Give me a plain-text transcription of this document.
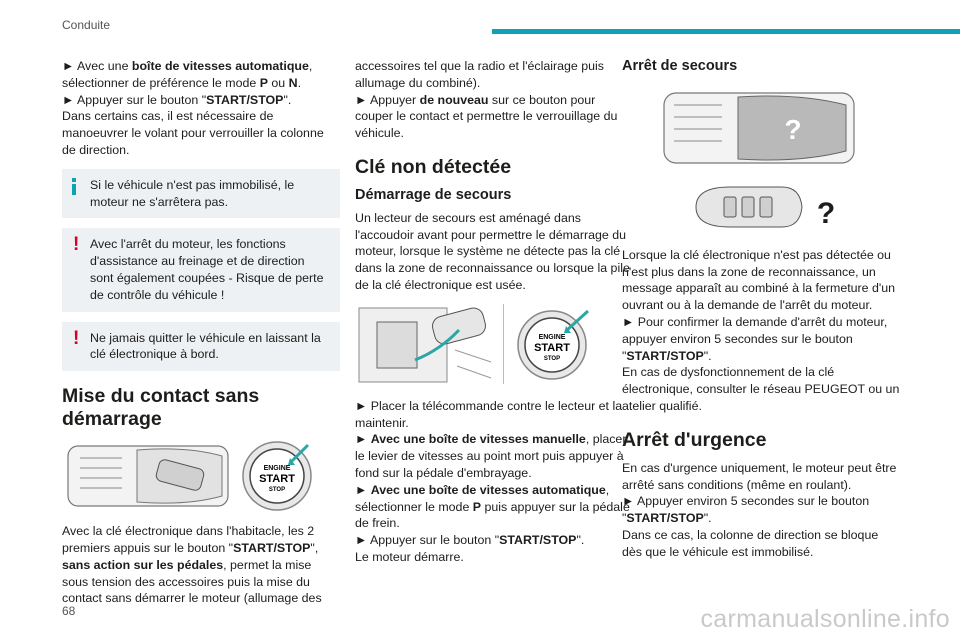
Conduite

► Avec une boîte de vitesses automatique, sélectionner de préférence le mode P ou N.

► Appuyer sur le bouton "START/STOP".

Dans certains cas, il est nécessaire de manoeuvrer le volant pour verrouiller la colonne de direction.

Si le véhicule n'est pas immobilisé, le moteur ne s'arrêtera pas.
! Avec l'arrêt du moteur, les fonctions d'assistance au freinage et de direction sont également coupées - Risque de perte de contrôle du véhicule !
! Ne jamais quitter le véhicule en laissant la clé électronique à bord.
Mise du contact sans démarrage
ENGINE
START
STOP

Avec la clé électronique dans l'habitacle, les 2 premiers appuis sur le bouton "START/STOP", sans action sur les pédales, permet la mise sous tension des accessoires puis la mise du contact sans démarrer le moteur (allumage des

accessoires tel que la radio et l'éclairage puis allumage du combiné).

► Appuyer de nouveau sur ce bouton pour couper le contact et permettre le verrouillage du véhicule.

Clé non détectée
Démarrage de secours

Un lecteur de secours est aménagé dans l'accoudoir avant pour permettre le démarrage du moteur, lorsque le système ne détecte pas la clé dans la zone de reconnaissance ou lorsque la pile de la clé électronique est usée.

ENGINE
START
STOP

► Placer la télécommande contre le lecteur et la maintenir.

► Avec une boîte de vitesses manuelle, placer le levier de vitesses au point mort puis appuyer à fond sur la pédale d'embrayage.

► Avec une boîte de vitesses automatique, sélectionner le mode P puis appuyer sur la pédale de frein.

► Appuyer sur le bouton "START/STOP".

Le moteur démarre.

Arrêt de secours
?
?

Lorsque la clé électronique n'est pas détectée ou n'est plus dans la zone de reconnaissance, un message apparaît au combiné à la fermeture d'un ouvrant ou à la demande de l'arrêt du moteur.

► Pour confirmer la demande d'arrêt du moteur, appuyer environ 5 secondes sur le bouton "START/STOP".

En cas de dysfonctionnement de la clé électronique, consulter le réseau PEUGEOT ou un atelier qualifié.

Arrêt d'urgence

En cas d'urgence uniquement, le moteur peut être arrêté sans conditions (même en roulant).

► Appuyer environ 5 secondes sur le bouton "START/STOP".

Dans ce cas, la colonne de direction se bloque dès que le véhicule est immobilisé.

68	carmanualsonline.info
